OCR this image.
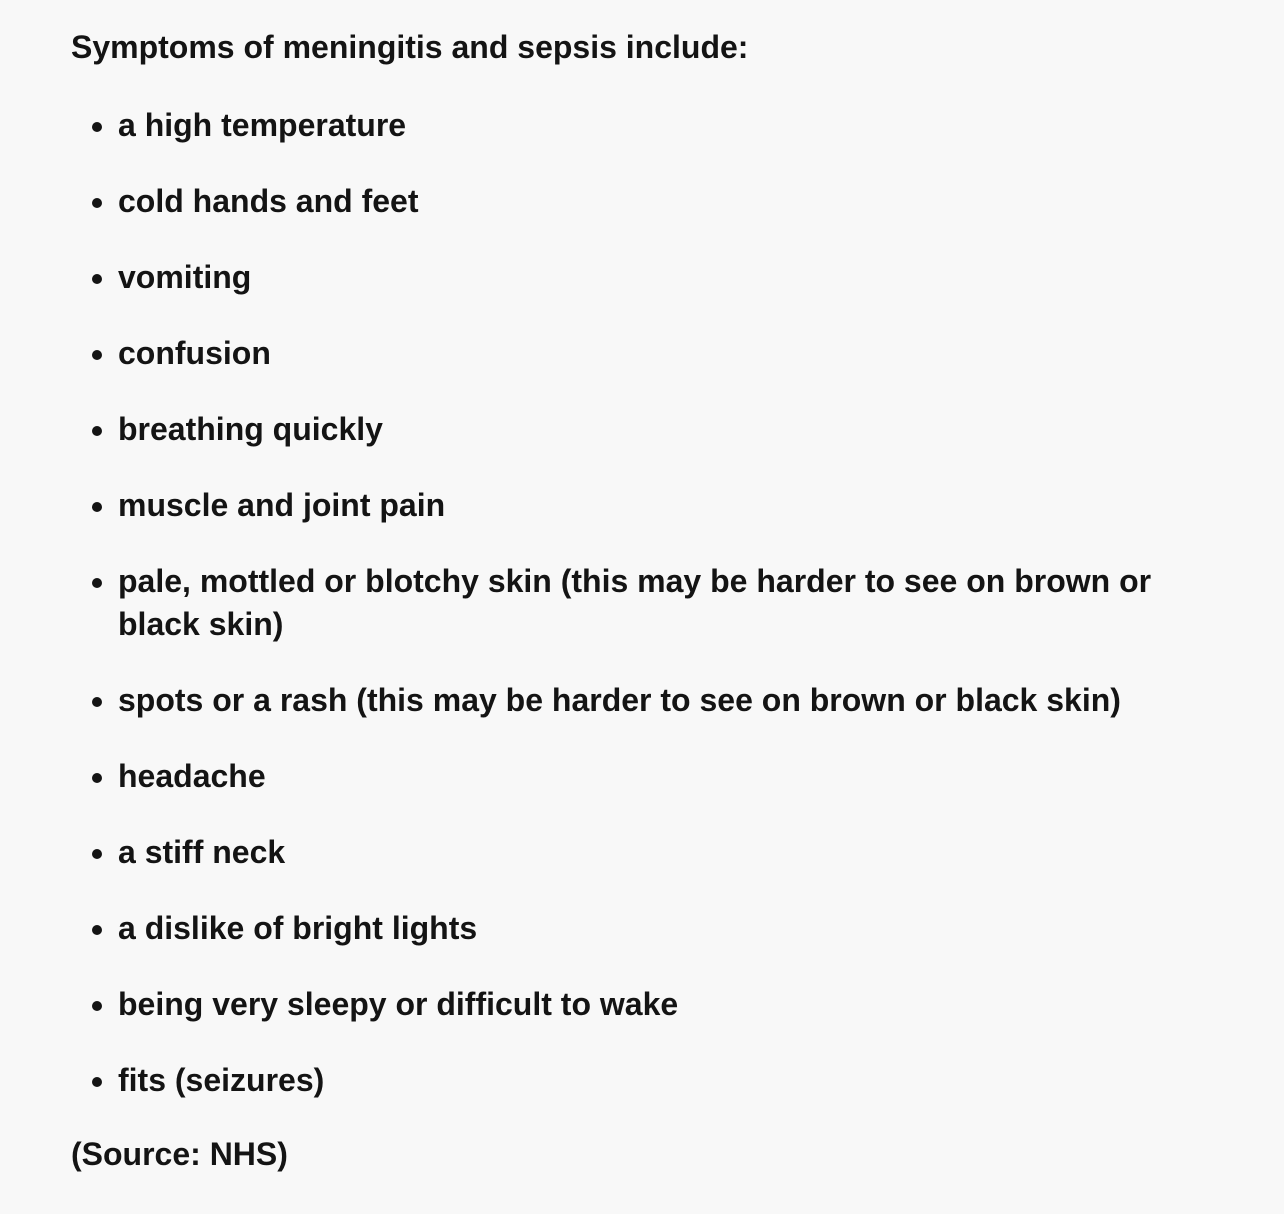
Symptoms of meningitis and sepsis include:

a high temperature
cold hands and feet
vomiting
confusion
breathing quickly
muscle and joint pain
pale, mottled or blotchy skin (this may be harder to see on brown or black skin)
spots or a rash (this may be harder to see on brown or black skin)
headache
a stiff neck
a dislike of bright lights
being very sleepy or difficult to wake
fits (seizures)

(Source: NHS)
